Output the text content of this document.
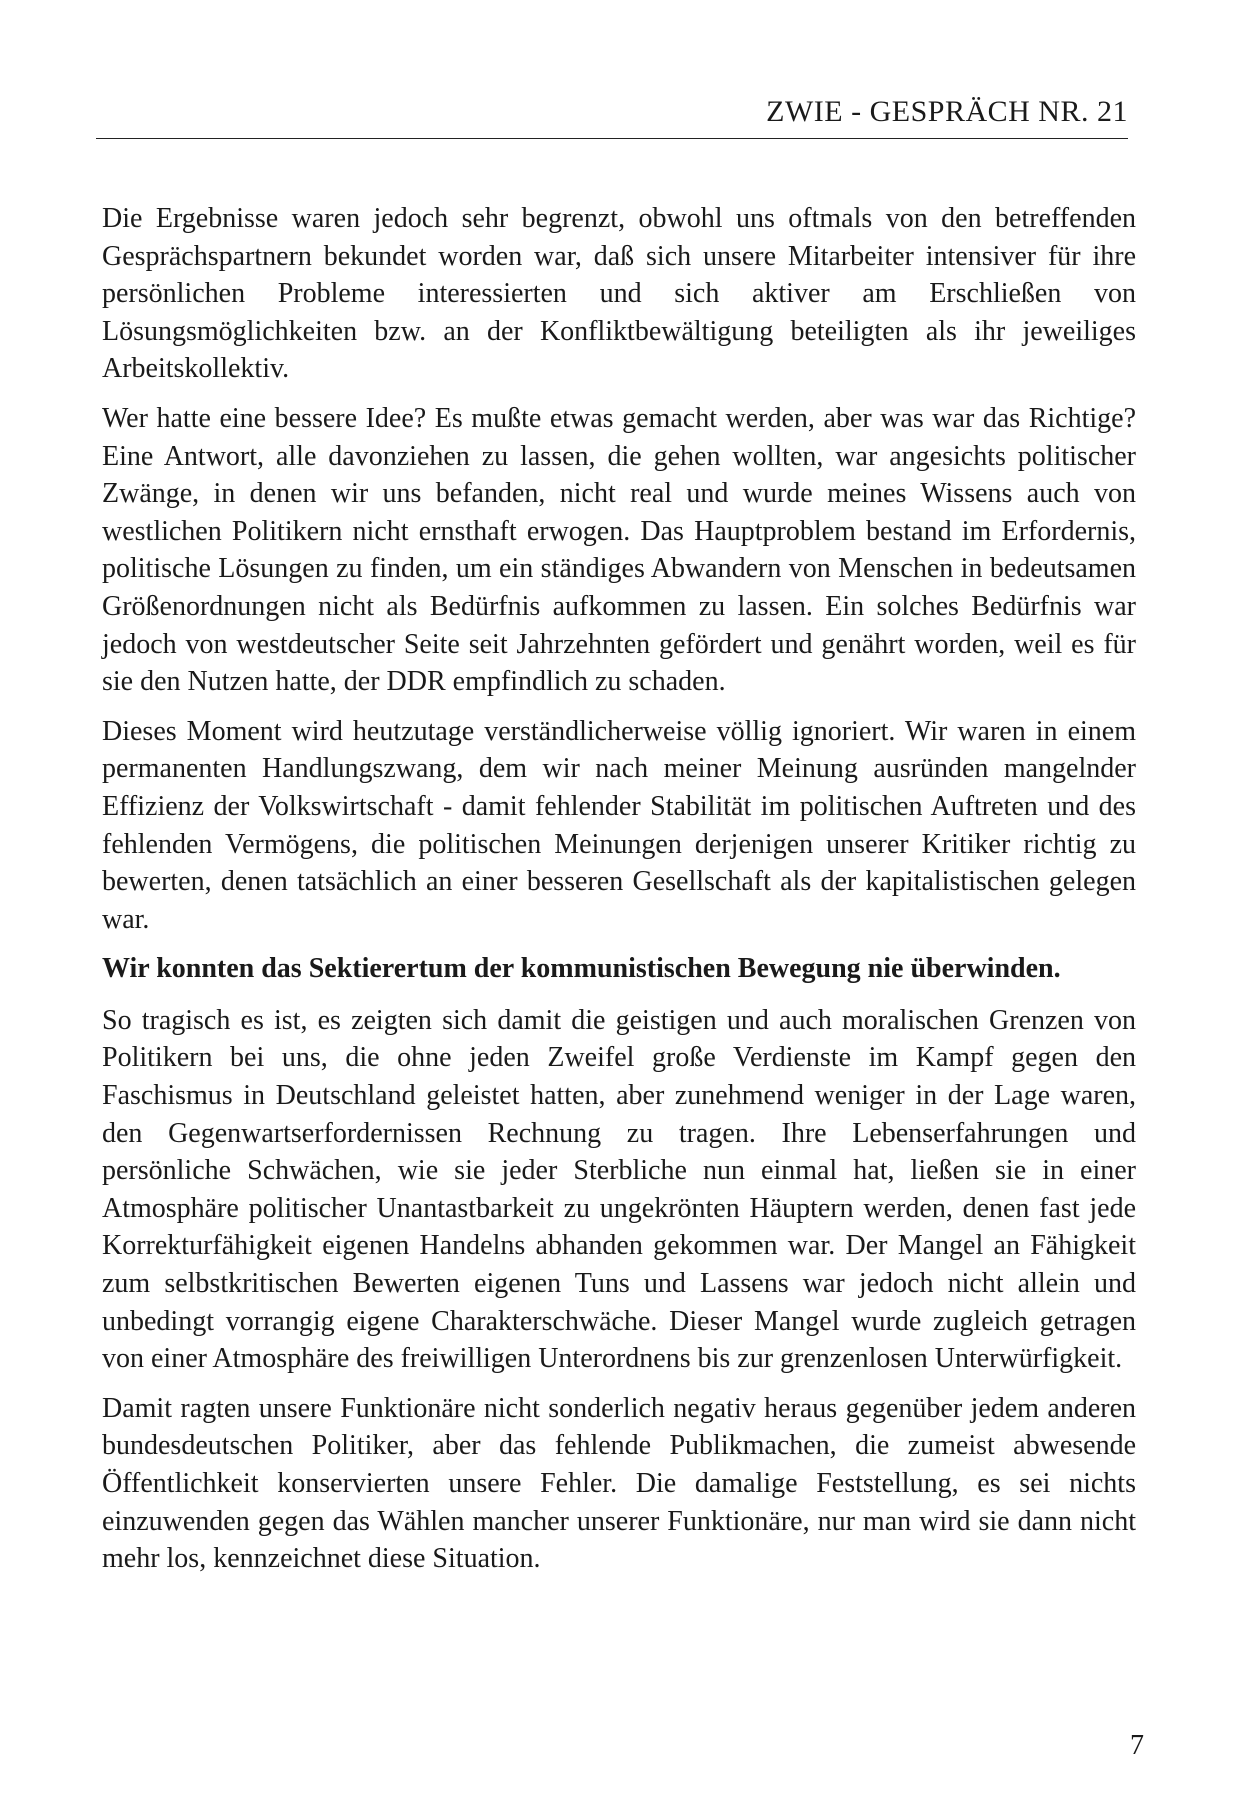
ZWIE - GESPRÄCH NR. 21

Die Ergebnisse waren jedoch sehr begrenzt, obwohl uns oftmals von den betreffenden Gesprächspartnern bekundet worden war, daß sich unsere Mitarbeiter intensiver für ihre persönlichen Probleme interessierten und sich aktiver am Erschließen von Lösungsmöglichkeiten bzw. an der Konfliktbewältigung beteiligten als ihr jeweiliges Arbeitskollektiv.

Wer hatte eine bessere Idee? Es mußte etwas gemacht werden, aber was war das Richtige? Eine Antwort, alle davonziehen zu lassen, die gehen wollten, war angesichts politischer Zwänge, in denen wir uns befanden, nicht real und wurde meines Wissens auch von westlichen Politikern nicht ernsthaft erwogen. Das Hauptproblem bestand im Erfordernis, politische Lösungen zu finden, um ein ständiges Abwandern von Menschen in bedeutsamen Größenordnungen nicht als Bedürfnis aufkommen zu lassen. Ein solches Bedürfnis war jedoch von westdeutscher Seite seit Jahrzehnten gefördert und genährt worden, weil es für sie den Nutzen hatte, der DDR empfindlich zu schaden.

Dieses Moment wird heutzutage verständlicherweise völlig ignoriert. Wir waren in einem permanenten Handlungszwang, dem wir nach meiner Meinung ausründen mangelnder Effizienz der Volkswirtschaft - damit fehlender Stabilität im politischen Auftreten und des fehlenden Vermögens, die politischen Meinungen derjenigen unserer Kritiker richtig zu bewerten, denen tatsächlich an einer besseren Gesellschaft als der kapitalistischen gelegen war.

Wir konnten das Sektierertum der kommunistischen Bewegung nie überwinden.

So tragisch es ist, es zeigten sich damit die geistigen und auch moralischen Grenzen von Politikern bei uns, die ohne jeden Zweifel große Verdienste im Kampf gegen den Faschismus in Deutschland geleistet hatten, aber zunehmend weniger in der Lage waren, den Gegenwartserfordernissen Rechnung zu tragen. Ihre Lebenserfahrungen und persönliche Schwächen, wie sie jeder Sterbliche nun einmal hat, ließen sie in einer Atmosphäre politischer Unantastbarkeit zu ungekrönten Häuptern werden, denen fast jede Korrekturfähigkeit eigenen Handelns abhanden gekommen war. Der Mangel an Fähigkeit zum selbstkritischen Bewerten eigenen Tuns und Lassens war jedoch nicht allein und unbedingt vorrangig eigene Charakterschwäche. Dieser Mangel wurde zugleich getragen von einer Atmosphäre des freiwilligen Unterordnens bis zur grenzenlosen Unterwürfigkeit.

Damit ragten unsere Funktionäre nicht sonderlich negativ heraus gegenüber jedem anderen bundesdeutschen Politiker, aber das fehlende Publikmachen, die zumeist abwesende Öffentlichkeit konservierten unsere Fehler. Die damalige Feststellung, es sei nichts einzuwenden gegen das Wählen mancher unserer Funktionäre, nur man wird sie dann nicht mehr los, kennzeichnet diese Situation.

7
